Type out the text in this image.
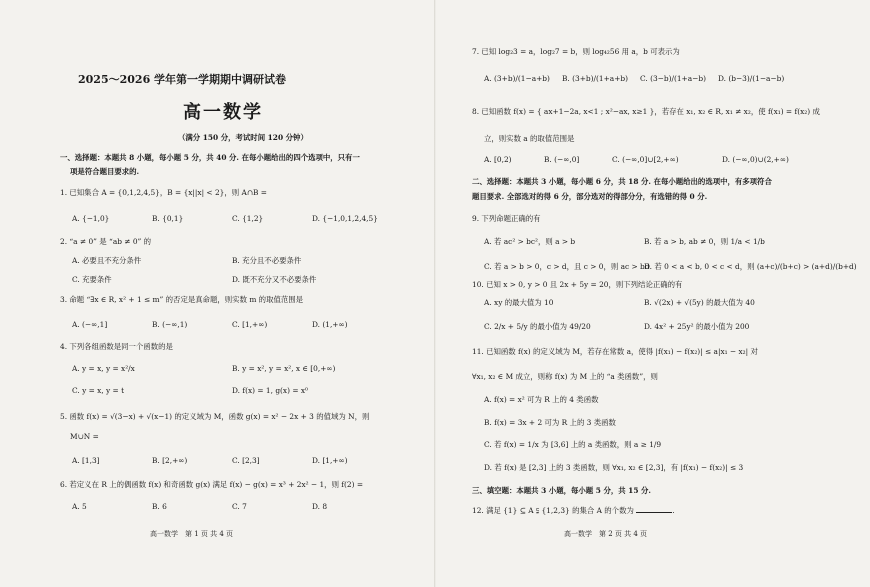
2025～2026 学年第一学期期中调研试卷
高一数学
（满分 150 分，考试时间 120 分钟）
一、选择题：本题共 8 小题，每小题 5 分，共 40 分. 在每小题给出的四个选项中，只有一
项是符合题目要求的.
1. 已知集合 A = {0,1,2,4,5}，B = {x||x| < 2}，则 A∩B =
A. {−1,0}	B. {0,1}	C. {1,2}	D. {−1,0,1,2,4,5}
2. “a ≠ 0” 是 “ab ≠ 0” 的
A. 必要且不充分条件	B. 充分且不必要条件
C. 充要条件	D. 既不充分又不必要条件
3. 命题 “∃x ∈ R, x² + 1 ≤ m” 的否定是真命题，则实数 m 的取值范围是
A. (−∞,1]	B. (−∞,1)	C. [1,+∞)	D. (1,+∞)
4. 下列各组函数是同一个函数的是
A. y = x, y = x²/x	B. y = x², y = x², x ∈ [0,+∞)
C. y = x, y = t	D. f(x) = 1, g(x) = x⁰
5. 函数 f(x) = √(3−x) + √(x−1) 的定义域为 M，函数 g(x) = x² − 2x + 3 的值域为 N，则
M∪N =
A. [1,3]	B. [2,+∞)	C. [2,3]	D. [1,+∞)
6. 若定义在 R 上的偶函数 f(x) 和奇函数 g(x) 满足 f(x) − g(x) = x³ + 2x² − 1，则 f(2) =
A. 5	B. 6	C. 7	D. 8
高一数学　第 1 页 共 4 页
7. 已知 log₂3 = a，log₂7 = b，则 log₄₂56 用 a，b 可表示为
A. (3+b)/(1−a+b) B. (3+b)/(1+a+b) C. (3−b)/(1+a−b) D. (b−3)/(1−a−b)
8. 已知函数 f(x) = { ax+1−2a, x<1 ; x²−ax, x≥1 }，若存在 x₁, x₂ ∈ R, x₁ ≠ x₂，使 f(x₁) = f(x₂) 成
立，则实数 a 的取值范围是
A. [0,2)	B. (−∞,0]	C. (−∞,0]∪[2,+∞)	D. (−∞,0)∪(2,+∞)
二、选择题：本题共 3 小题，每小题 6 分，共 18 分. 在每小题给出的选项中，有多项符合
题目要求. 全部选对的得 6 分，部分选对的得部分分，有选错的得 0 分.
9. 下列命题正确的有
A. 若 ac² > bc²，则 a > b	B. 若 a > b, ab ≠ 0，则 1/a < 1/b
C. 若 a > b > 0，c > d，且 c > 0，则 ac > bd
D. 若 0 < a < b, 0 < c < d，则 (a+c)/(b+c) > (a+d)/(b+d)
10. 已知 x > 0, y > 0 且 2x + 5y = 20，则下列结论正确的有
A. xy 的最大值为 10	B. √(2x) + √(5y) 的最大值为 40
C. 2/x + 5/y 的最小值为 49/20	D. 4x² + 25y² 的最小值为 200
11. 已知函数 f(x) 的定义域为 M，若存在常数 a，使得 |f(x₁) − f(x₂)| ≤ a|x₁ − x₂| 对
∀x₁, x₂ ∈ M 成立，则称 f(x) 为 M 上的 “a 类函数”，则
A. f(x) = x² 可为 R 上的 4 类函数
B. f(x) = 3x + 2 可为 R 上的 3 类函数
C. 若 f(x) = 1/x 为 [3,6] 上的 a 类函数，则 a ≥ 1/9
D. 若 f(x) 是 [2,3] 上的 3 类函数，则 ∀x₁, x₂ ∈ [2,3]，有 |f(x₁) − f(x₂)| ≤ 3
三、填空题：本题共 3 小题，每小题 5 分，共 15 分.
12. 满足 {1} ⊆ A ⫋ {1,2,3} 的集合 A 的个数为	.
高一数学　第 2 页 共 4 页
